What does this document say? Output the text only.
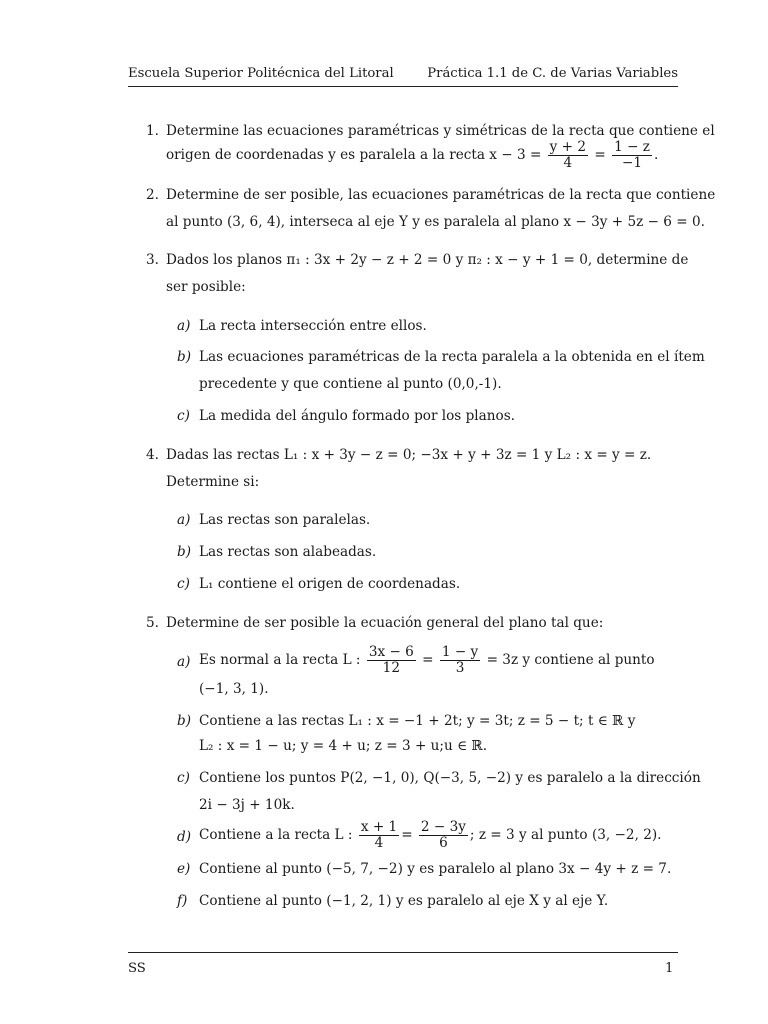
Escuela Superior Politécnica del Litoral	Práctica 1.1 de C. de Varias Variables
1. Determine las ecuaciones paramétricas y simétricas de la recta que contiene el
origen de coordenadas y es paralela a la recta $x - 3 = \frac{y + 2}{4} = \frac{1 - z}{-1}$ .
2. Determine de ser posible, las ecuaciones paramétricas de la recta que contiene
al punto (3, 6, 4), interseca al eje Y y es paralela al plano x − 3y + 5z − 6 = 0.
3. Dados los planos π₁ : 3x + 2y − z + 2 = 0 y π₂ : x − y + 1 = 0, determine de
ser posible:
a) La recta intersección entre ellos.
b) Las ecuaciones paramétricas de la recta paralela a la obtenida en el ítem
precedente y que contiene al punto (0,0,-1).
c) La medida del ángulo formado por los planos.
4. Dadas las rectas L₁ : x + 3y − z = 0; −3x + y + 3z = 1 y L₂ : x = y = z.
Determine si:
a) Las rectas son paralelas.
b) Las rectas son alabeadas.
c) L₁ contiene el origen de coordenadas.
5. Determine de ser posible la ecuación general del plano tal que:
a) Es normal a la recta L : $\frac{3x - 6}{12} = \frac{1 - y}{3} = 3z$ y contiene al punto
(−1, 3, 1).
b) Contiene a las rectas L₁ : x = −1 + 2t; y = 3t; z = 5 − t; t ∈ ℝ y
L₂ : x = 1 − u; y = 4 + u; z = 3 + u;u ∈ ℝ.
c) Contiene los puntos P(2, −1, 0), Q(−3, 5, −2) y es paralelo a la dirección
2i − 3j + 10k.
d) Contiene a la recta L : $\frac{x + 1}{4} = \frac{2 - 3y}{6}$ ; z = 3 y al punto (3, −2, 2).
e) Contiene al punto (−5, 7, −2) y es paralelo al plano 3x − 4y + z = 7.
f) Contiene al punto (−1, 2, 1) y es paralelo al eje X y al eje Y.
SS	1
